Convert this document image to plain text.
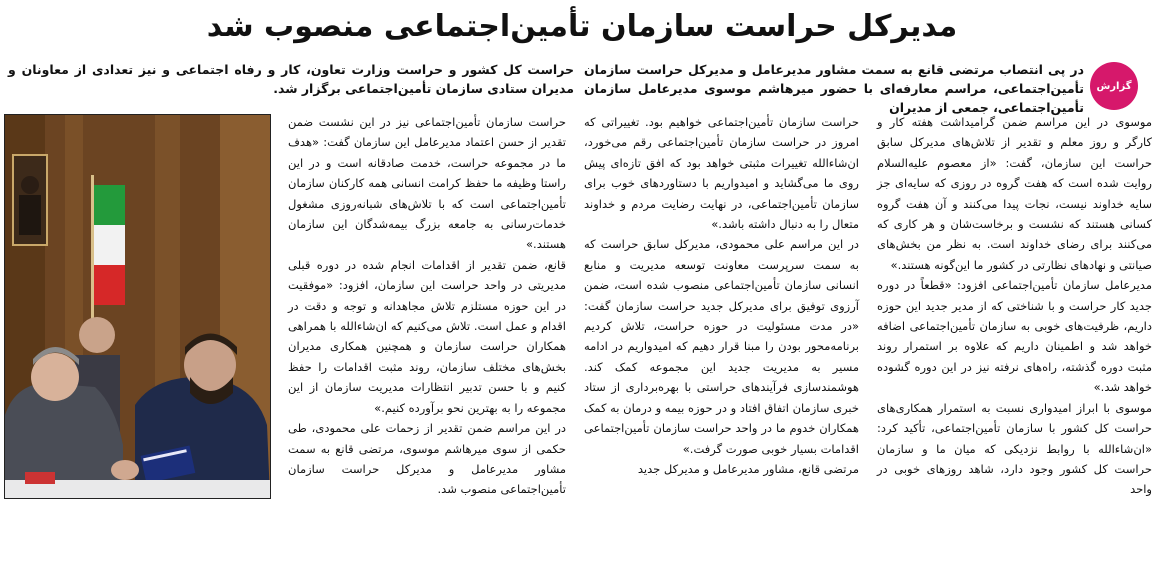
مدیرکل حراست سازمان تأمین‌اجتماعی منصوب شد
گزارش
در پی انتصاب مرتضی قانع به سمت مشاور مدیرعامل و مدیرکل حراست سازمان تأمین‌اجتماعی، مراسم معارفه‌ای با حضور میرهاشم موسوی مدیرعامل سازمان تأمین‌اجتماعی، جمعی از مدیران
حراست کل کشور و حراست وزارت تعاون، کار و رفاه اجتماعی و نیز تعدادی از معاونان و مدیران ستادی سازمان تأمین‌اجتماعی برگزار شد.

موسوی در این مراسم ضمن گرامیداشت هفته کار و کارگر و روز معلم و تقدیر از تلاش‌های مدیرکل سابق حراست این سازمان، گفت: «از معصوم علیه‌السلام روایت شده است که هفت گروه در روزی که سایه‌ای جز سایه خداوند نیست، نجات پیدا می‌کنند و آن هفت گروه کسانی هستند که نشست و برخاست‌شان و هر کاری که می‌کنند برای رضای خداوند است. به نظر من بخش‌های صیانتی و نهادهای نظارتی در کشور ما این‌گونه هستند.»

مدیرعامل سازمان تأمین‌اجتماعی افزود: «قطعاً در دوره جدید کار حراست و با شناختی که از مدیر جدید این حوزه داریم، ظرفیت‌های خوبی به سازمان تأمین‌اجتماعی اضافه خواهد شد و اطمینان داریم که علاوه بر استمرار روند مثبت دوره گذشته، راه‌های نرفته نیز در این دوره گشوده خواهد شد.»

موسوی با ابراز امیدواری نسبت به استمرار همکاری‌های حراست کل کشور با سازمان تأمین‌اجتماعی، تأکید کرد: «ان‌شاءالله با روابط نزدیکی که میان ما و سازمان حراست کل کشور وجود دارد، شاهد روزهای خوبی در واحد

حراست سازمان تأمین‌اجتماعی خواهیم بود. تغییراتی که امروز در حراست سازمان تأمین‌اجتماعی رقم می‌خورد، ان‌شاءالله تغییرات مثبتی خواهد بود که افق تازه‌ای پیش روی ما می‌گشاید و امیدواریم با دستاوردهای خوب برای سازمان تأمین‌اجتماعی، در نهایت رضایت مردم و خداوند متعال را به دنبال داشته باشد.»

در این مراسم علی محمودی، مدیرکل سابق حراست که به سمت سرپرست معاونت توسعه مدیریت و منابع انسانی سازمان تأمین‌اجتماعی منصوب شده است، ضمن آرزوی توفیق برای مدیرکل جدید حراست سازمان گفت: «در مدت مسئولیت در حوزه حراست، تلاش کردیم برنامه‌محور بودن را مبنا قرار دهیم که امیدواریم در ادامه مسیر به مدیریت جدید این مجموعه کمک کند. هوشمندسازی فرآیندهای حراستی با بهره‌برداری از ستاد خبری سازمان اتفاق افتاد و در حوزه بیمه و درمان به کمک همکاران خدوم ما در واحد حراست سازمان تأمین‌اجتماعی اقدامات بسیار خوبی صورت گرفت.»

مرتضی قانع، مشاور مدیرعامل و مدیرکل جدید

حراست سازمان تأمین‌اجتماعی نیز در این نشست ضمن تقدیر از حسن اعتماد مدیرعامل این سازمان گفت: «هدف ما در مجموعه حراست، خدمت صادقانه است و در این راستا وظیفه ما حفظ کرامت انسانی همه کارکنان سازمان تأمین‌اجتماعی است که با تلاش‌های شبانه‌روزی مشغول خدمات‌رسانی به جامعه بزرگ بیمه‌شدگان این سازمان هستند.»

قانع، ضمن تقدیر از اقدامات انجام شده در دوره قبلی مدیریتی در واحد حراست این سازمان، افزود: «موفقیت در این حوزه مستلزم تلاش مجاهدانه و توجه و دقت در اقدام و عمل است. تلاش می‌کنیم که ان‌شاءالله با همراهی همکاران حراست سازمان و همچنین همکاری مدیران بخش‌های مختلف سازمان، روند مثبت اقدامات را حفظ کنیم و با حسن تدبیر انتظارات مدیریت سازمان از این مجموعه را به بهترین نحو برآورده کنیم.»

در این مراسم ضمن تقدیر از زحمات علی محمودی، طی حکمی از سوی میرهاشم موسوی، مرتضی قانع به سمت مشاور مدیرعامل و مدیرکل حراست سازمان تأمین‌اجتماعی منصوب شد.
